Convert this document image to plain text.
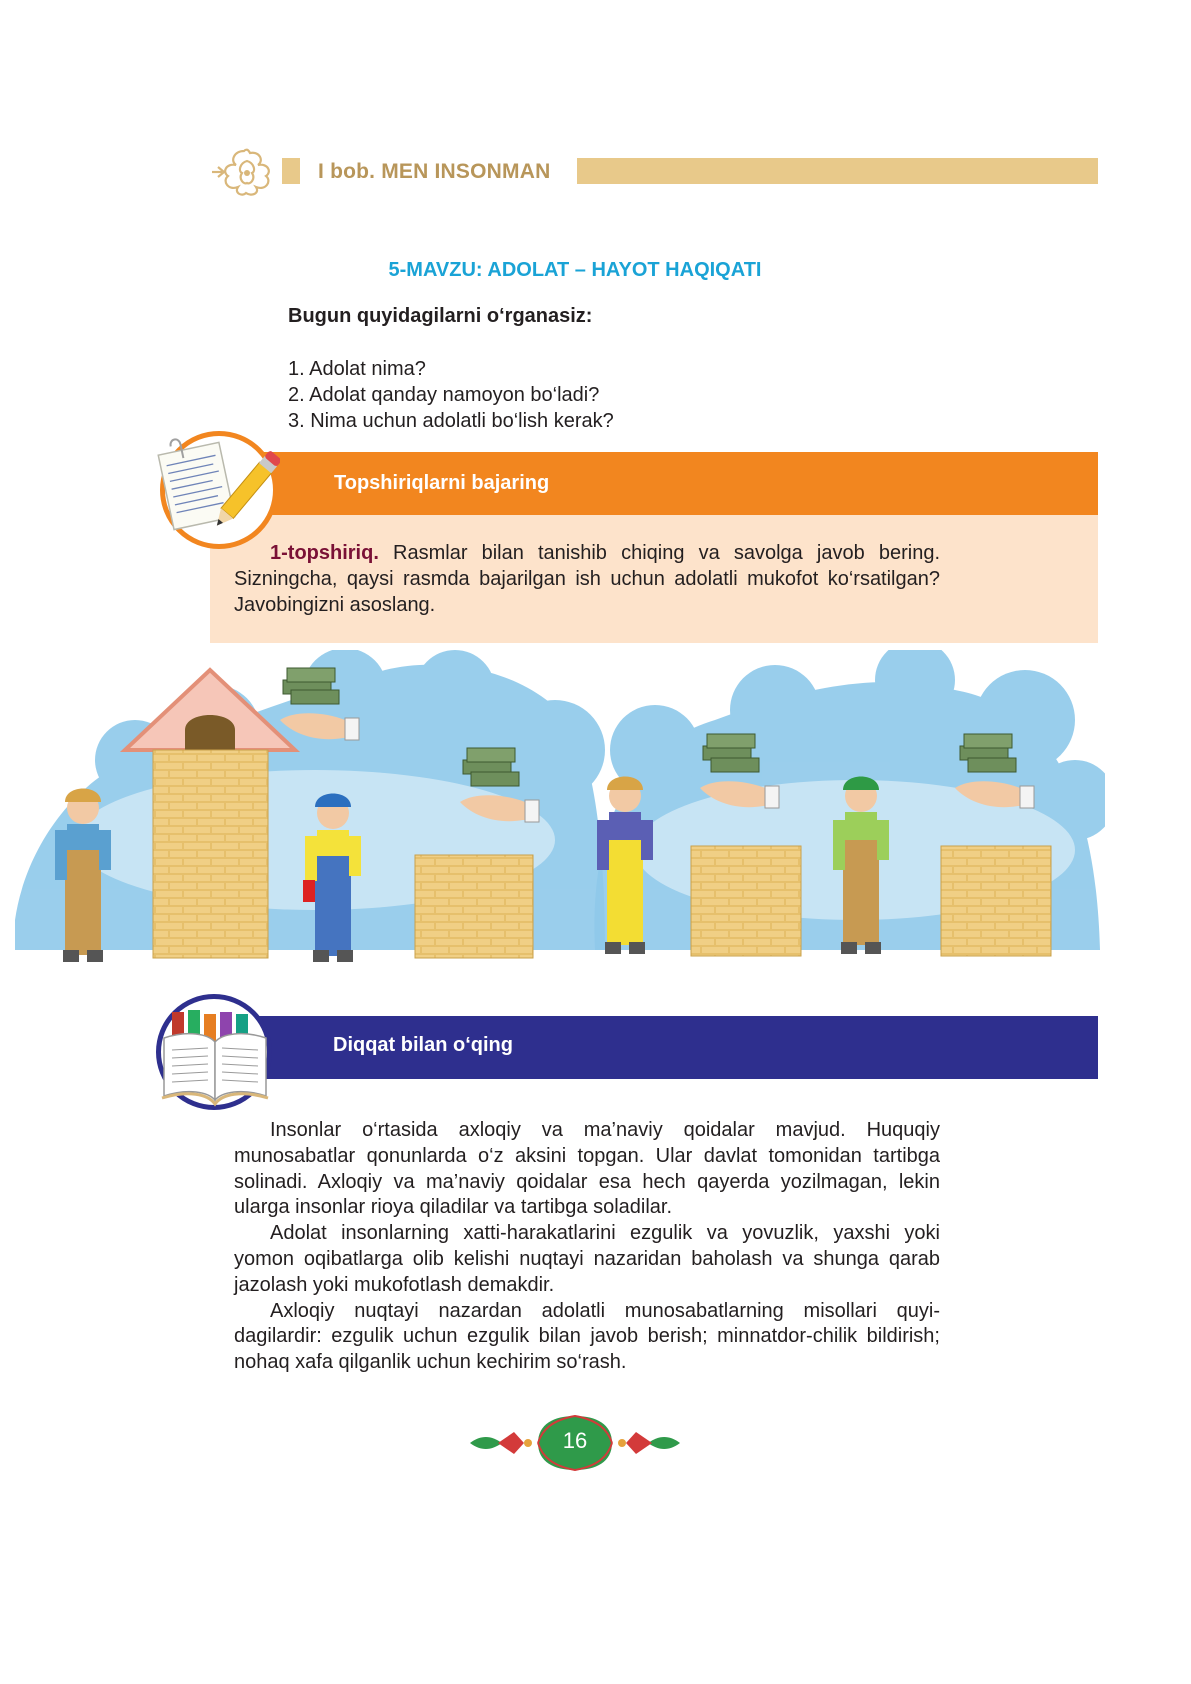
I bob. MEN INSONMAN
5-MAVZU: ADOLAT – HAYOT HAQIQATI
Bugun quyidagilarni o‘rganasiz:
1. Adolat nima?
2. Adolat qanday namoyon bo‘ladi?
3. Nima uchun adolatli bo‘lish kerak?
Topshiriqlarni bajaring
1-topshiriq. Rasmlar bilan tanishib chiqing va savolga javob bering. Sizningcha, qaysi rasmda bajarilgan ish uchun adolatli mukofot ko‘rsatilgan? Javobingizni asoslang.
Diqqat bilan o‘qing

Insonlar o‘rtasida axloqiy va ma’naviy qoidalar mavjud. Huquqiy munosabatlar qonunlarda o‘z aksini topgan. Ular davlat tomonidan tartibga solinadi. Axloqiy va ma’naviy qoidalar esa hech qayerda yozilmagan, lekin ularga insonlar rioya qiladilar va tartibga soladilar.

Adolat insonlarning xatti-harakatlarini ezgulik va yovuzlik, yaxshi yoki yomon oqibatlarga olib kelishi nuqtayi nazaridan baholash va shunga qarab jazolash yoki mukofotlash demakdir.

Axloqiy nuqtayi nazardan adolatli munosabatlarning misollari quyi-dagilardir: ezgulik uchun ezgulik bilan javob berish; minnatdor-chilik bildirish; nohaq xafa qilganlik uchun kechirim so‘rash.

16
